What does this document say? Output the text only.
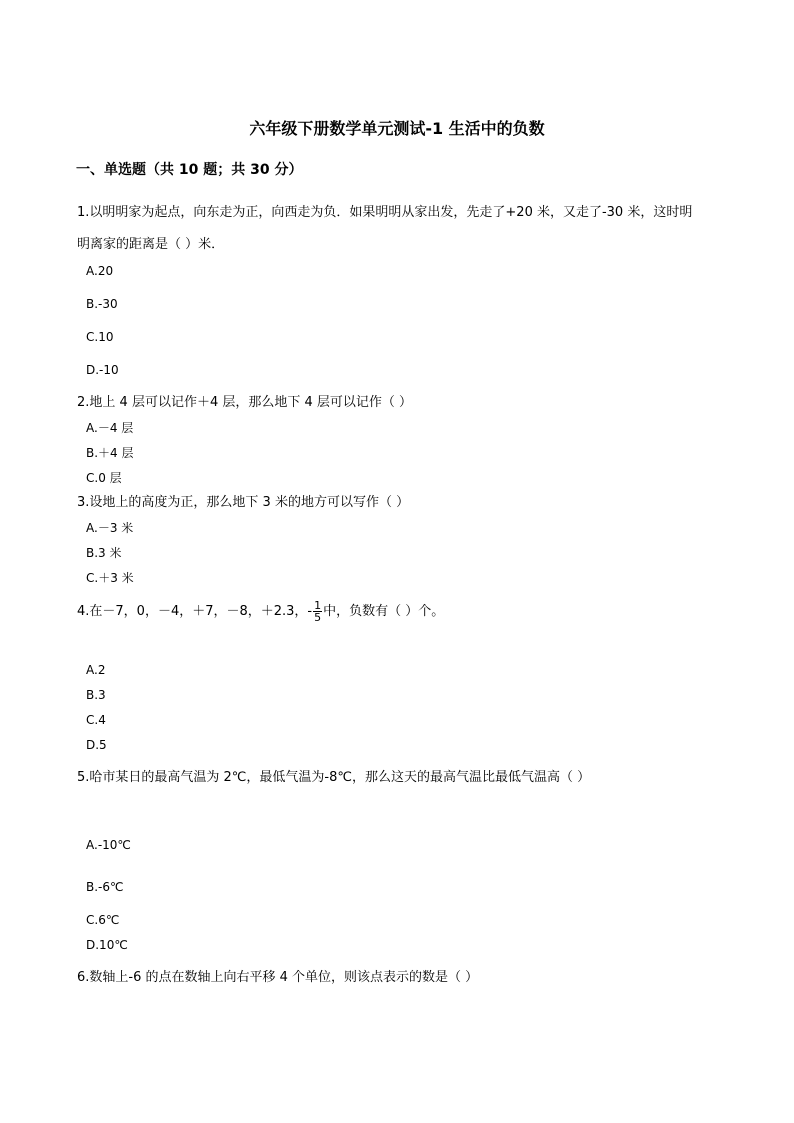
六年级下册数学单元测试-1 生活中的负数
一、单选题（共 10 题；共 30 分）
1.以明明家为起点，向东走为正，向西走为负．如果明明从家出发，先走了+20 米，又走了-30 米，这时明
明离家的距离是（ ）米．
A.20
B.-30
C.10
D.-10
2.地上 4 层可以记作＋4 层，那么地下 4 层可以记作（ ）
A.－4 层
B.＋4 层
C.0 层
3.设地上的高度为正，那么地下 3 米的地方可以写作（ ）
A.－3 米
B.3 米
C.＋3 米
4.在－7，0，－4，＋7，－8，＋2.3，- $\frac{1}{5}$ 中，负数有（ ）个。
A.2
B.3
C.4
D.5
5.哈市某日的最高气温为 2℃，最低气温为-8℃，那么这天的最高气温比最低气温高（ ）
A.-10℃
B.-6℃
C.6℃
D.10℃
6.数轴上-6 的点在数轴上向右平移 4 个单位，则该点表示的数是（ ）
